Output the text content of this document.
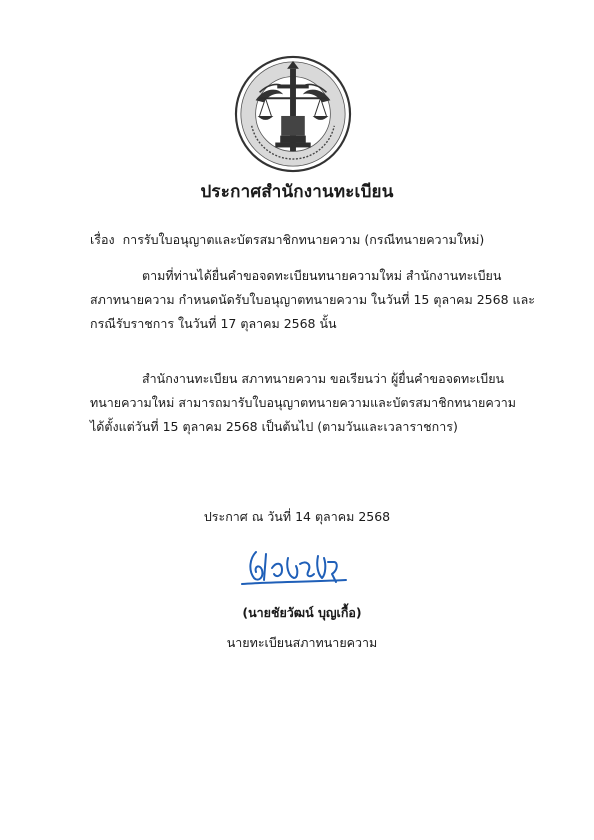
ประกาศสำนักงานทะเบียน
เรื่อง การรับใบอนุญาตและบัตรสมาชิกทนายความ (กรณีทนายความใหม่)

ตามที่ท่านได้ยื่นคำขอจดทะเบียนทนายความใหม่ สำนักงานทะเบียน
สภาทนายความ กำหนดนัดรับใบอนุญาตทนายความ ในวันที่ 15 ตุลาคม 2568 และ
กรณีรับราชการ ในวันที่ 17 ตุลาคม 2568 นั้น

สำนักงานทะเบียน สภาทนายความ ขอเรียนว่า ผู้ยื่นคำขอจดทะเบียน
ทนายความใหม่ สามารถมารับใบอนุญาตทนายความและบัตรสมาชิกทนายความ
ได้ตั้งแต่วันที่ 15 ตุลาคม 2568 เป็นต้นไป (ตามวันและเวลาราชการ)

ประกาศ ณ วันที่ 14 ตุลาคม 2568
(นายชัยวัฒน์ บุญเกื้อ)
นายทะเบียนสภาทนายความ
